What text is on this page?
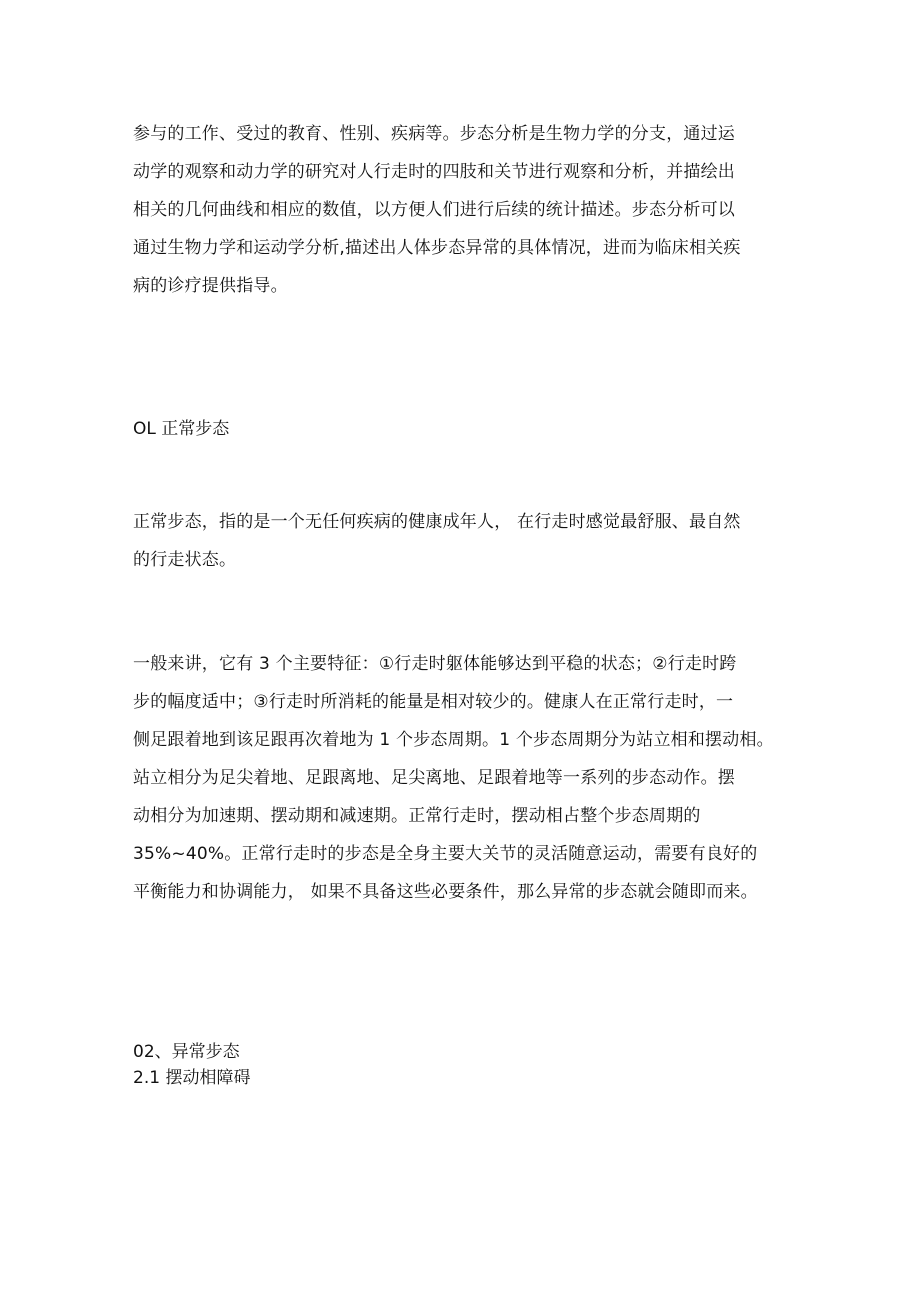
参与的工作、受过的教育、性别、疾病等。步态分析是生物力学的分支，通过运
动学的观察和动力学的研究对人行走时的四肢和关节进行观察和分析，并描绘出
相关的几何曲线和相应的数值，以方便人们进行后续的统计描述。步态分析可以
通过生物力学和运动学分析,描述出人体步态异常的具体情况，进而为临床相关疾
病的诊疗提供指导。
OL 正常步态
正常步态，指的是一个无任何疾病的健康成年人， 在行走时感觉最舒服、最自然
的行走状态。
一般来讲，它有 3 个主要特征：①行走时躯体能够达到平稳的状态；②行走时跨
步的幅度适中；③行走时所消耗的能量是相对较少的。健康人在正常行走时，一
侧足跟着地到该足跟再次着地为 1 个步态周期。1 个步态周期分为站立相和摆动相。
站立相分为足尖着地、足跟离地、足尖离地、足跟着地等一系列的步态动作。摆
动相分为加速期、摆动期和减速期。正常行走时，摆动相占整个步态周期的
35%~40%。正常行走时的步态是全身主要大关节的灵活随意运动，需要有良好的
平衡能力和协调能力， 如果不具备这些必要条件，那么异常的步态就会随即而来。
02、异常步态
2.1 摆动相障碍
